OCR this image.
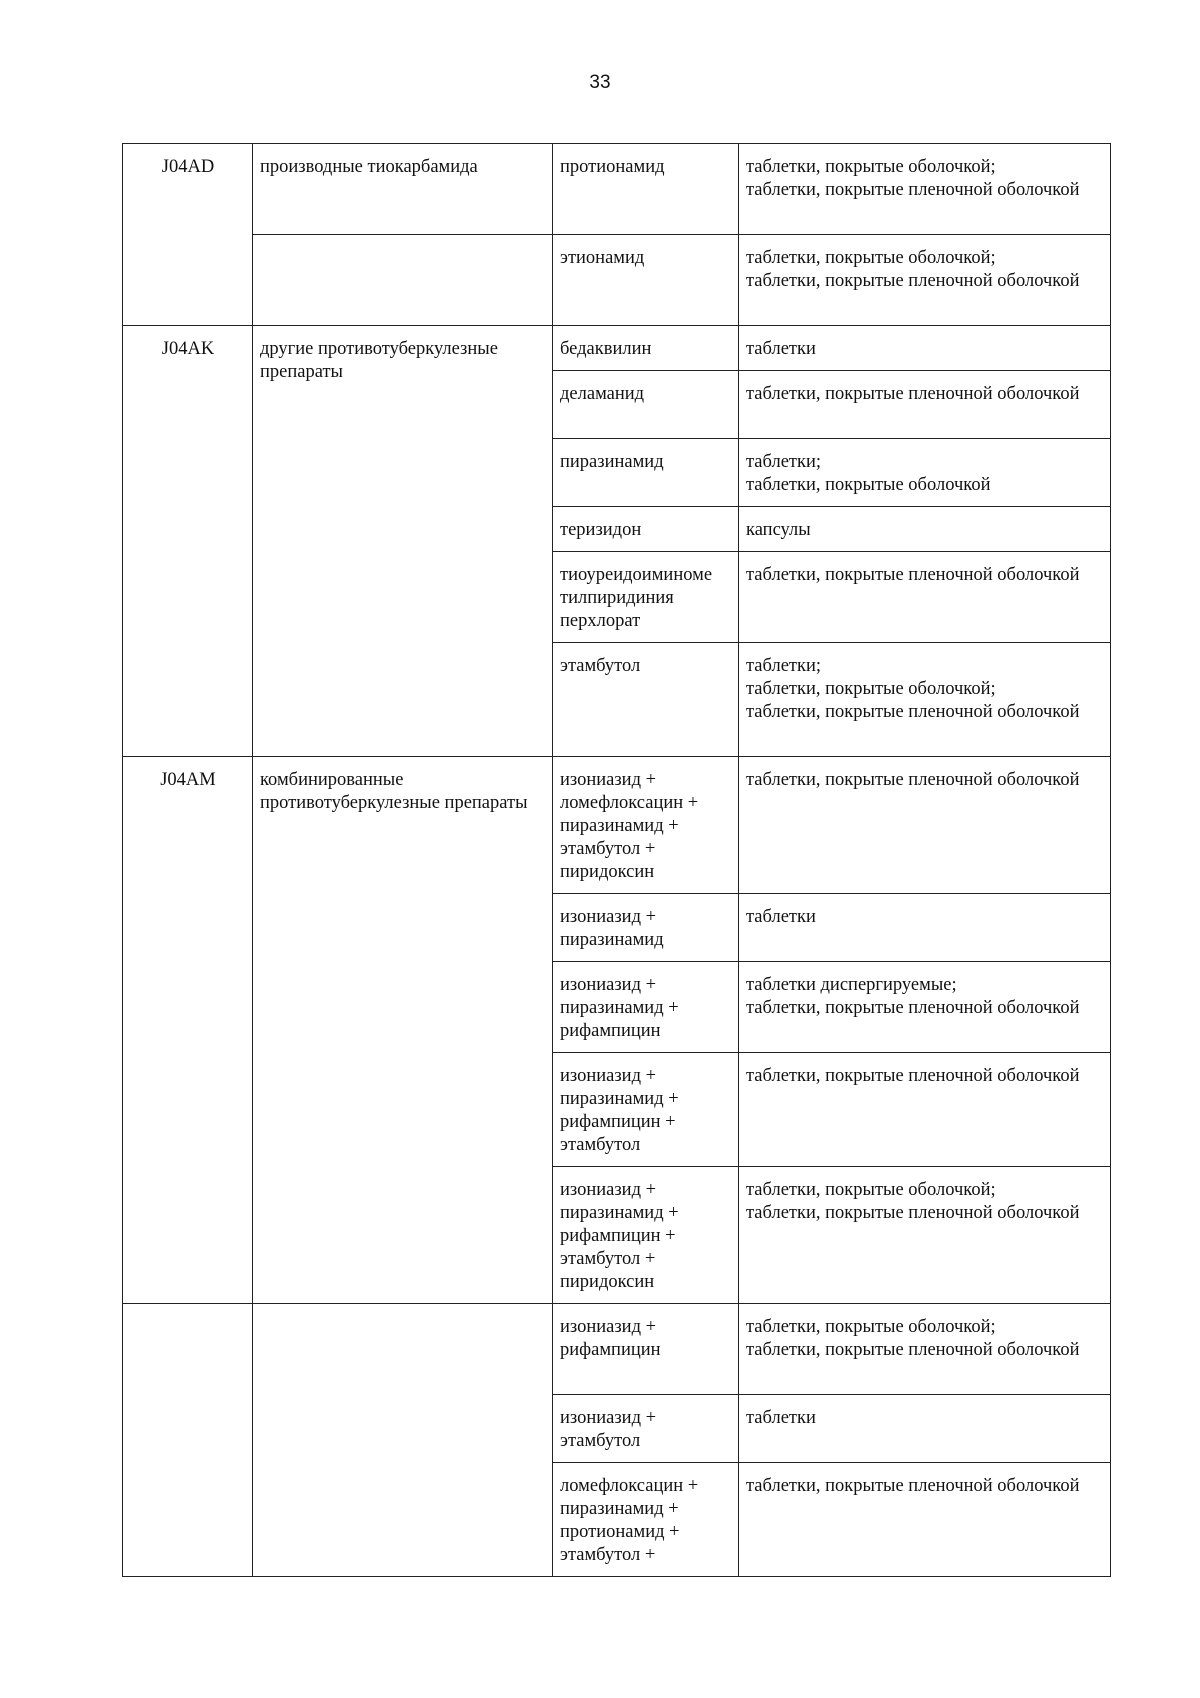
33
J04AD	производные тиокарбамида	протионамид	таблетки, покрытые оболочкой;
таблетки, покрытые пленочной оболочкой
		этионамид	таблетки, покрытые оболочкой;
таблетки, покрытые пленочной оболочкой
J04AK	другие противотуберкулезные препараты	бедаквилин	таблетки
		деламанид	таблетки, покрытые пленочной оболочкой
		пиразинамид	таблетки;
таблетки, покрытые оболочкой
		теризидон	капсулы
		тиоуреидоиминоме тилпиридиния перхлорат	таблетки, покрытые пленочной оболочкой
		этамбутол	таблетки;
таблетки, покрытые оболочкой;
таблетки, покрытые пленочной оболочкой
J04AM	комбинированные противотуберкулезные препараты	изониазид + ломефлоксацин + пиразинамид + этамбутол + пиридоксин	таблетки, покрытые пленочной оболочкой
		изониазид + пиразинамид	таблетки
		изониазид + пиразинамид + рифампицин	таблетки диспергируемые;
таблетки, покрытые пленочной оболочкой
		изониазид + пиразинамид + рифампицин + этамбутол	таблетки, покрытые пленочной оболочкой
		изониазид + пиразинамид + рифампицин + этамбутол + пиридоксин	таблетки, покрытые оболочкой;
таблетки, покрытые пленочной оболочкой
		изониазид + рифампицин	таблетки, покрытые оболочкой;
таблетки, покрытые пленочной оболочкой
		изониазид + этамбутол	таблетки
		ломефлоксацин + пиразинамид + протионамид + этамбутол +	таблетки, покрытые пленочной оболочкой
